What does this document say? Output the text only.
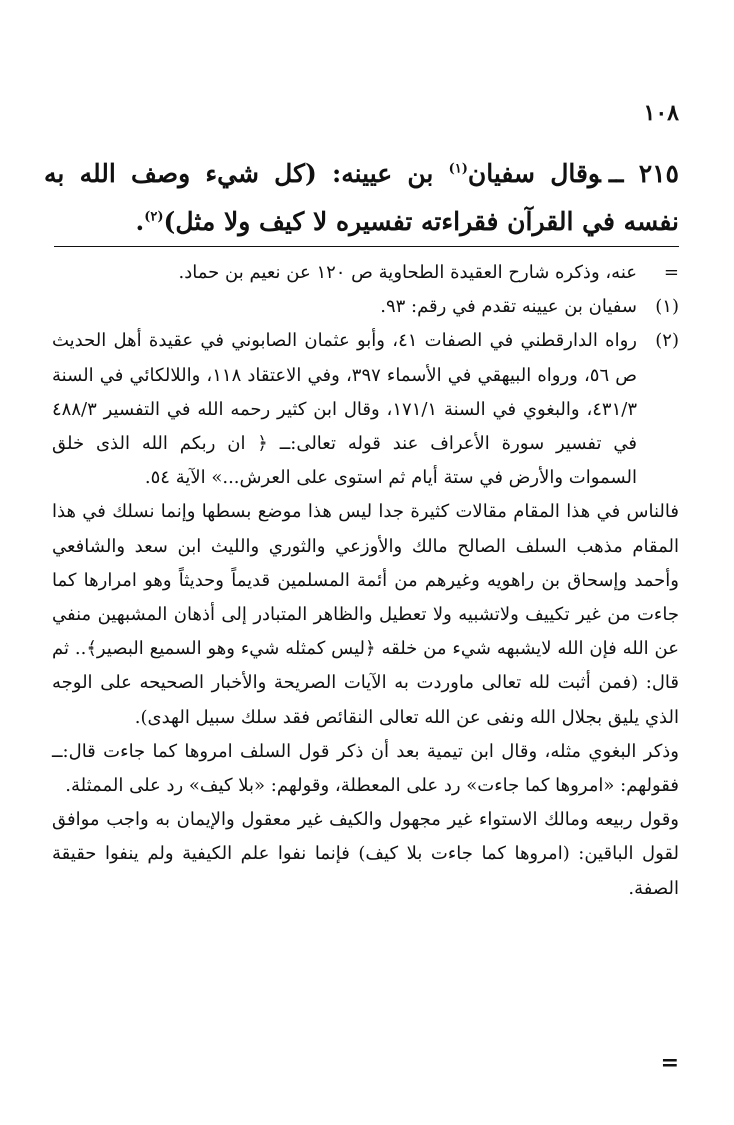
١٠٨
٢١٥ ــوقال سفيان$^{(١)}$ بن عيينه: (كل شيء وصف الله به نفسه في القرآن فقراءته تفسيره لا كيف ولا مثل)$^{(٢)}$.
=
عنه، وذكره شارح العقيدة الطحاوية ص ١٢٠ عن نعيم بن حماد.
(١)
سفيان بن عيينه تقدم في رقم: ٩٣.
(٢)
رواه الدارقطني في الصفات ٤١، وأبو عثمان الصابوني في عقيدة أهل الحديث ص ٥٦، ورواه البيهقي في الأسماء ٣٩٧، وفي الاعتقاد ١١٨، واللالكائي في السنة ٤٣١/٣، والبغوي في السنة ١٧١/١، وقال ابن كثير رحمه الله في التفسير ٤٨٨/٣ في تفسير سورة الأعراف عند قوله تعالى:ــ ﴿ ان ربكم الله الذى خلق السموات والأرض في ستة أيام ثم استوى على العرش...» الآية ٥٤.
فالناس في هذا المقام مقالات كثيرة جدا ليس هذا موضع بسطها وإنما نسلك في هذا المقام مذهب السلف الصالح مالك والأوزعي والثوري والليث ابن سعد والشافعي وأحمد وإسحاق بن راهويه وغيرهم من أئمة المسلمين قديماً وحديثاً وهو امرارها كما جاءت من غير تكييف ولاتشبيه ولا تعطيل والظاهر المتبادر إلى أذهان المشبهين منفي عن الله فإن الله لايشبهه شيء من خلقه ﴿ليس كمثله شيء وهو السميع البصير﴾.. ثم قال: (فمن أثبت لله تعالى ماوردت به الآيات الصريحة والأخبار الصحيحه على الوجه الذي يليق بجلال الله ونفى عن الله تعالى النقائص فقد سلك سبيل الهدى).
وذكر البغوي مثله، وقال ابن تيمية بعد أن ذكر قول السلف امروها كما جاءت قال:ــ فقولهم: «امروها كما جاءت» رد على المعطلة، وقولهم: «بلا كيف» رد على الممثلة.
وقول ربيعه ومالك الاستواء غير مجهول والكيف غير معقول والإيمان به واجب موافق لقول الباقين: (امروها كما جاءت بلا كيف) فإنما نفوا علم الكيفية ولم ينفوا حقيقة الصفة.
=
